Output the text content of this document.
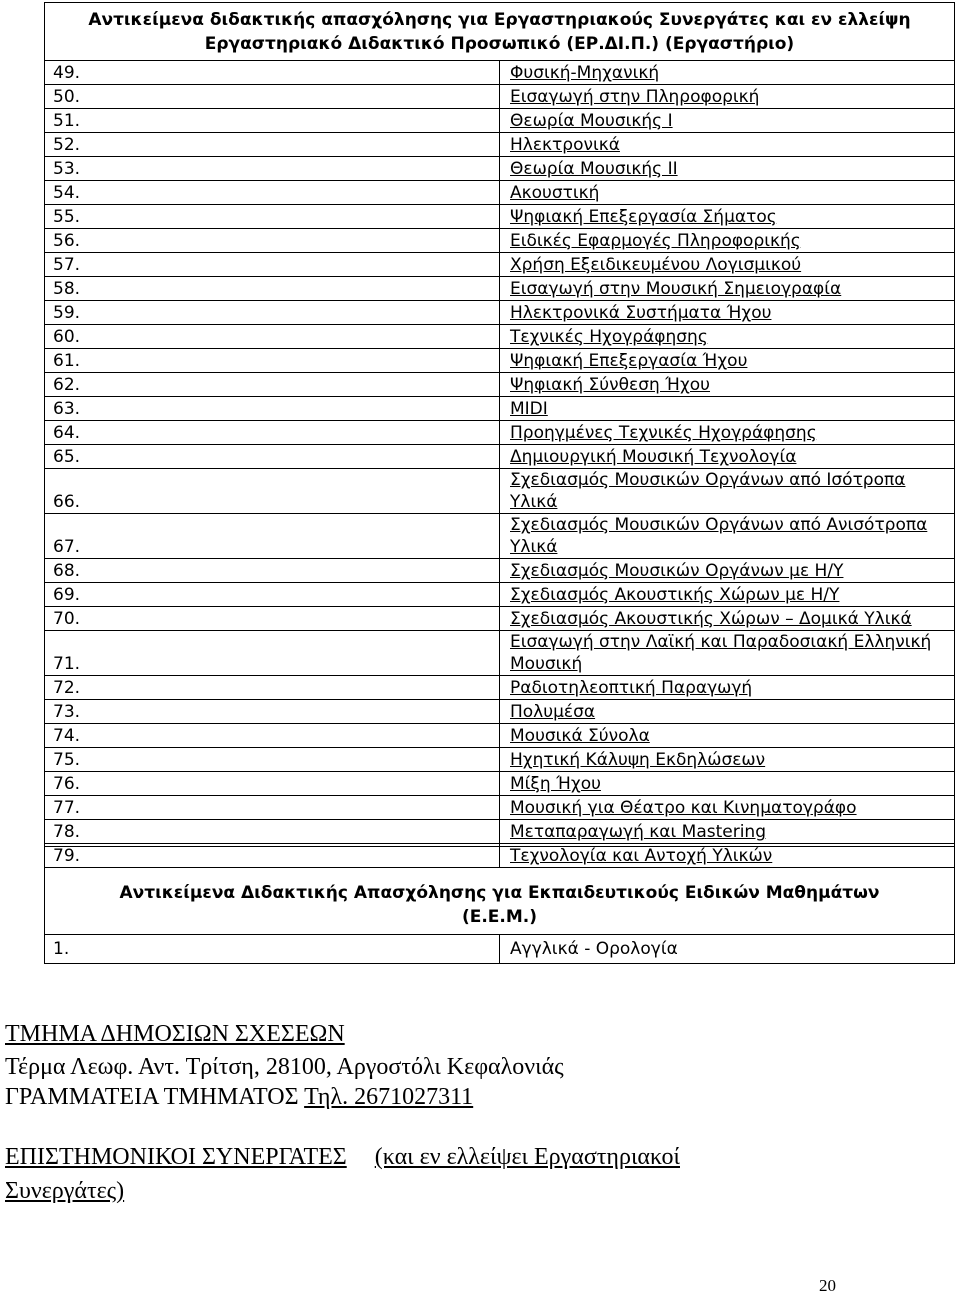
Αντικείμενα διδακτικής απασχόλησης για Εργαστηριακούς Συνεργάτες και εν ελλείψη Εργαστηριακό Διδακτικό Προσωπικό (ΕΡ.ΔΙ.Π.) (Εργαστήριο)	
49.	Φυσική-Μηχανική
50.	Εισαγωγή στην Πληροφορική
51.	Θεωρία Μουσικής Ι
52.	Ηλεκτρονικά
53.	Θεωρία Μουσικής ΙΙ
54.	Ακουστική
55.	Ψηφιακή Επεξεργασία Σήματος
56.	Ειδικές Εφαρμογές Πληροφορικής
57.	Χρήση Εξειδικευμένου Λογισμικού
58.	Εισαγωγή στην Μουσική Σημειογραφία
59.	Ηλεκτρονικά Συστήματα Ήχου
60.	Τεχνικές Ηχογράφησης
61.	Ψηφιακή Επεξεργασία Ήχου
62.	Ψηφιακή Σύνθεση Ήχου
63.	MIDI
64.	Προηγμένες Τεχνικές Ηχογράφησης
65.	Δημιουργική Μουσική Τεχνολογία
66.	Σχεδιασμός Μουσικών Οργάνων από Ισότροπα Υλικά
67.	Σχεδιασμός Μουσικών Οργάνων από Ανισότροπα Υλικά
68.	Σχεδιασμός Μουσικών Οργάνων με Η/Υ
69.	Σχεδιασμός Ακουστικής Χώρων με Η/Υ
70.	Σχεδιασμός Ακουστικής Χώρων – Δομικά Υλικά
71.	Εισαγωγή στην Λαϊκή και Παραδοσιακή Ελληνική Μουσική
72.	Ραδιοτηλεοπτική Παραγωγή
73.	Πολυμέσα
74.	Μουσικά Σύνολα
75.	Ηχητική Κάλυψη Εκδηλώσεων
76.	Μίξη Ήχου
77.	Μουσική για Θέατρο και Κινηματογράφο
78.	Μεταπαραγωγή και Mastering
79.	Τεχνολογία και Αντοχή Υλικών
Αντικείμενα Διδακτικής Απασχόλησης για Εκπαιδευτικούς Ειδικών Μαθημάτων (Ε.Ε.Μ.)

1.	Αγγλικά - Ορολογία
ΤΜΗΜΑ ΔΗΜΟΣΙΩΝ ΣΧΕΣΕΩΝ
Τέρμα Λεωφ. Αντ. Τρίτση, 28100, Αργοστόλι Κεφαλονιάς
ΓΡΑΜΜΑΤΕΙΑ ΤΜΗΜΑΤΟΣ Τηλ. 2671027311
ΕΠΙΣΤΗΜΟΝΙΚΟΙ ΣΥΝΕΡΓΑΤΕΣ (και εν ελλείψει Εργαστηριακοί
Συνεργάτες)
20
